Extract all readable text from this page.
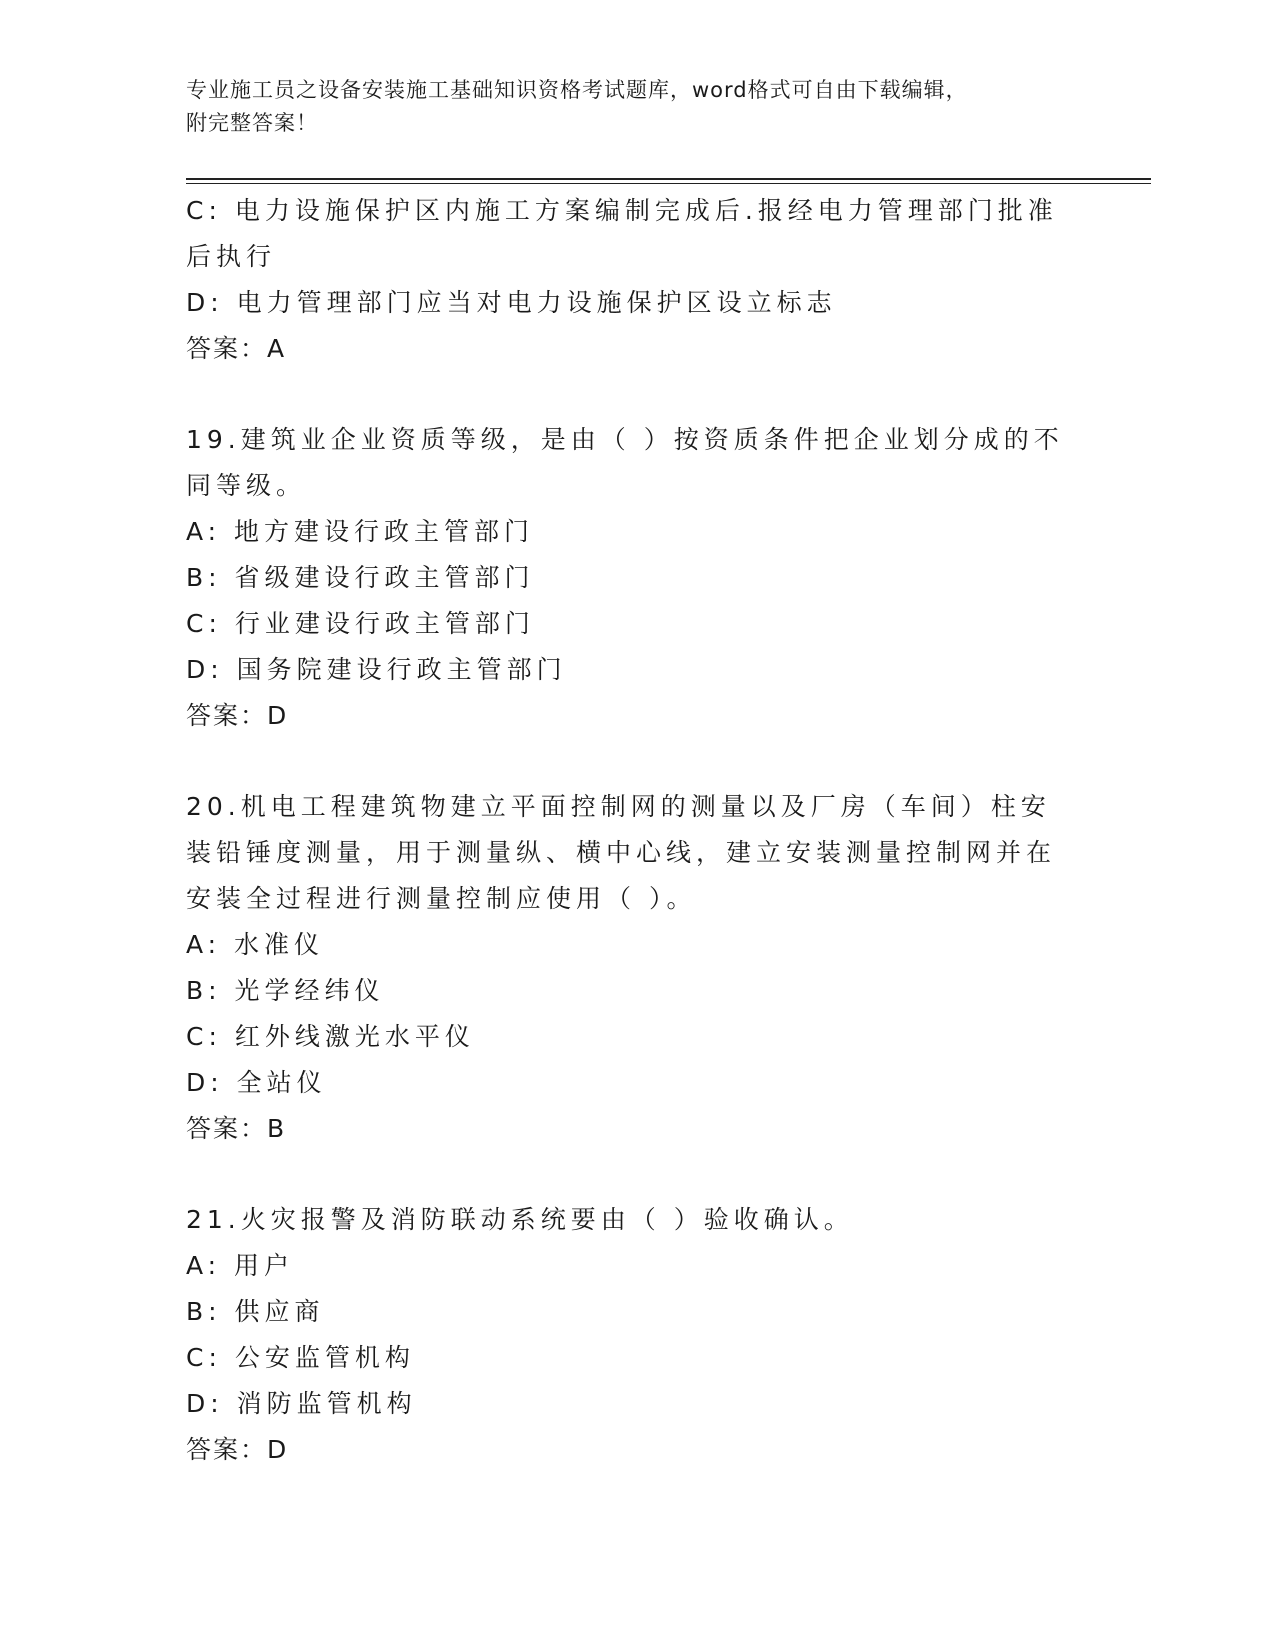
专业施工员之设备安装施工基础知识资格考试题库，word格式可自由下载编辑，
附完整答案！

C: 电力设施保护区内施工方案编制完成后.报经电力管理部门批准后执行

D: 电力管理部门应当对电力设施保护区设立标志

答案：A

19.建筑业企业资质等级，是由（ ）按资质条件把企业划分成的不同等级。

A: 地方建设行政主管部门

B: 省级建设行政主管部门

C: 行业建设行政主管部门

D: 国务院建设行政主管部门

答案：D

20.机电工程建筑物建立平面控制网的测量以及厂房（车间）柱安装铅锤度测量，用于测量纵、横中心线，建立安装测量控制网并在安装全过程进行测量控制应使用（ ）。

A: 水准仪

B: 光学经纬仪

C: 红外线激光水平仪

D: 全站仪

答案：B

21.火灾报警及消防联动系统要由（ ）验收确认。

A: 用户

B: 供应商

C: 公安监管机构

D: 消防监管机构

答案：D
